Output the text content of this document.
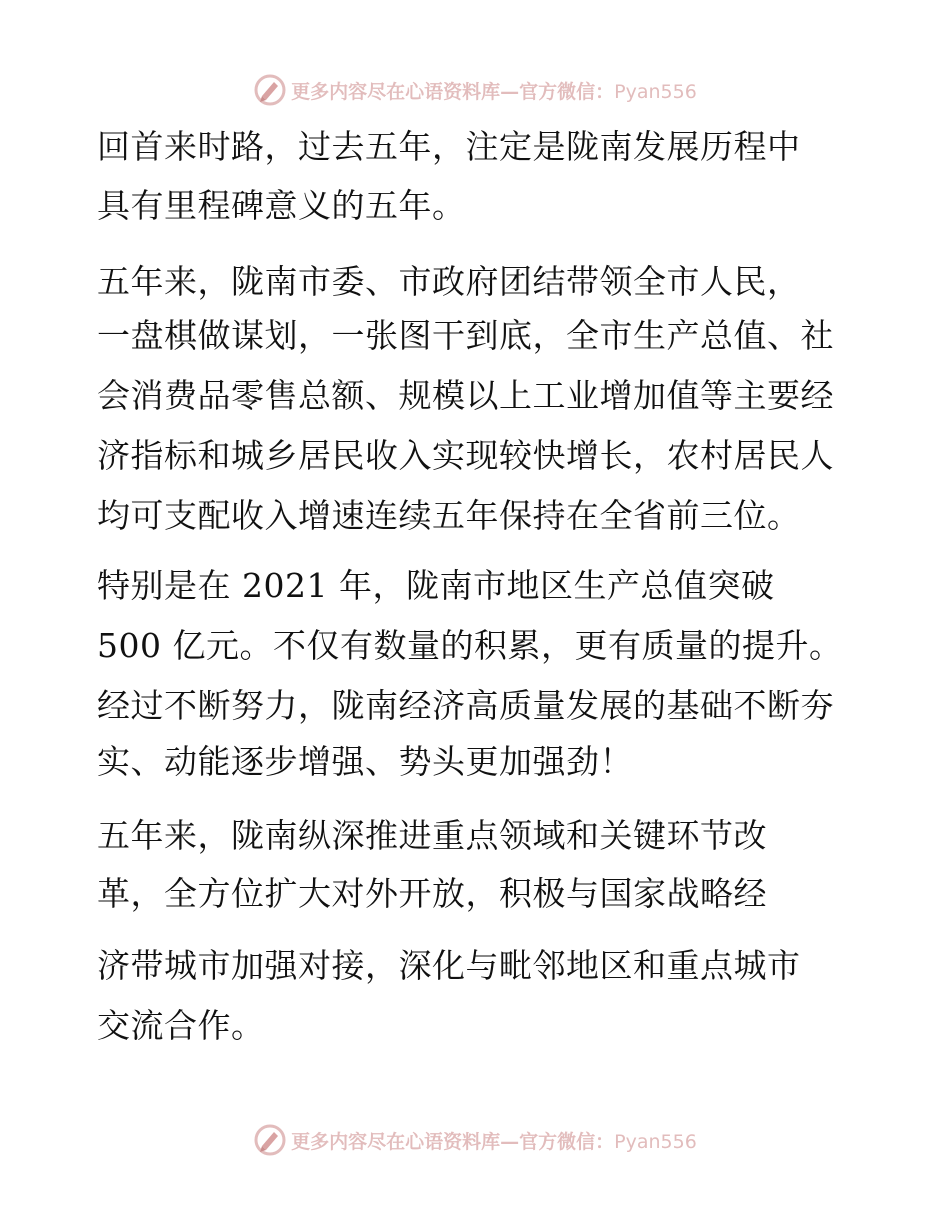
更多内容尽在心语资料库—官方微信：Pyan556
回首来时路，过去五年，注定是陇南发展历程中
具有里程碑意义的五年。
五年来，陇南市委、市政府团结带领全市人民，
一盘棋做谋划，一张图干到底，全市生产总值、社
会消费品零售总额、规模以上工业增加值等主要经
济指标和城乡居民收入实现较快增长，农村居民人
均可支配收入增速连续五年保持在全省前三位。
特别是在 2021 年，陇南市地区生产总值突破
500 亿元。不仅有数量的积累，更有质量的提升。
经过不断努力，陇南经济高质量发展的基础不断夯
实、动能逐步增强、势头更加强劲！
五年来，陇南纵深推进重点领域和关键环节改
革，全方位扩大对外开放，积极与国家战略经
济带城市加强对接，深化与毗邻地区和重点城市
交流合作。
更多内容尽在心语资料库—官方微信：Pyan556
